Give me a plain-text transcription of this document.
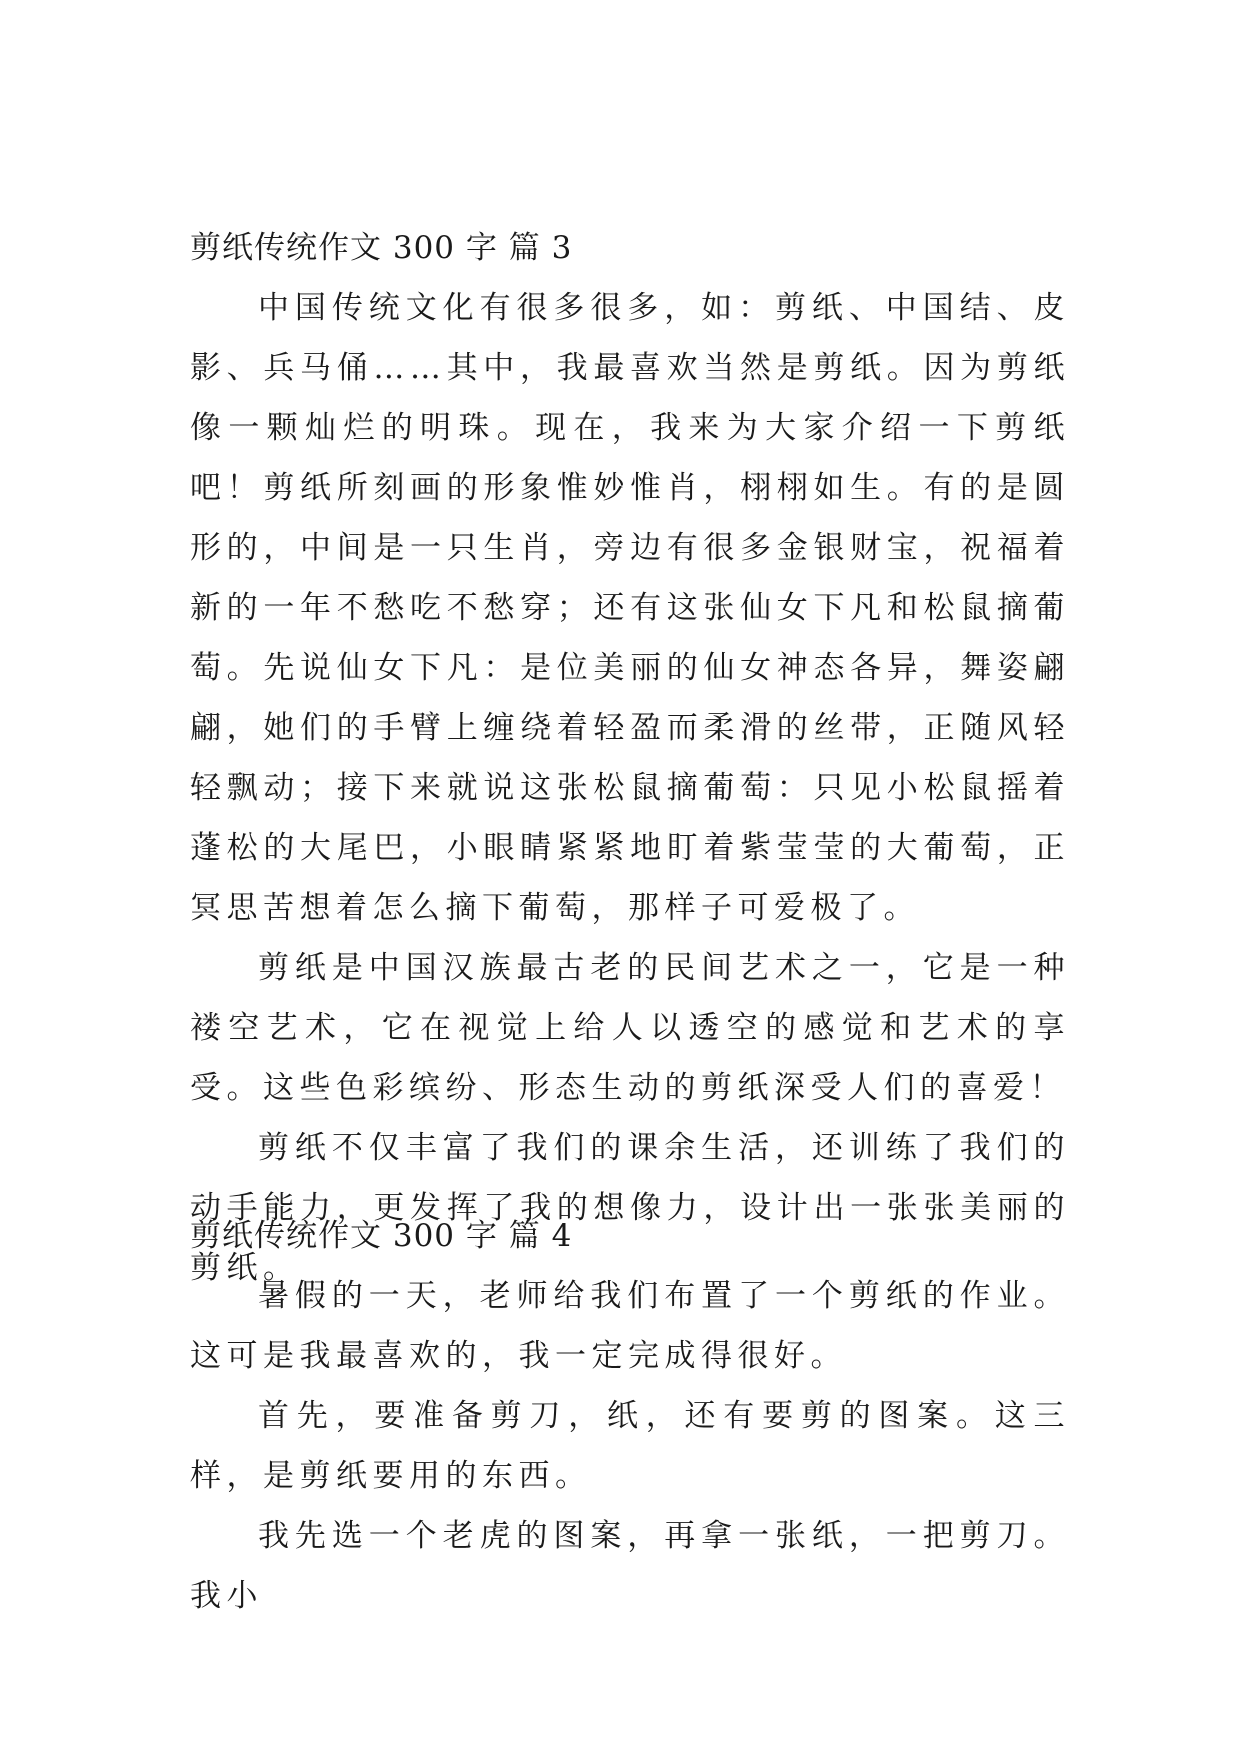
剪纸传统作文 300 字 篇 3

中国传统文化有很多很多，如：剪纸、中国结、皮影、兵马俑……其中，我最喜欢当然是剪纸。因为剪纸像一颗灿烂的明珠。现在，我来为大家介绍一下剪纸吧！剪纸所刻画的形象惟妙惟肖，栩栩如生。有的是圆形的，中间是一只生肖，旁边有很多金银财宝，祝福着新的一年不愁吃不愁穿；还有这张仙女下凡和松鼠摘葡萄。先说仙女下凡：是位美丽的仙女神态各异，舞姿翩翩，她们的手臂上缠绕着轻盈而柔滑的丝带，正随风轻轻飘动；接下来就说这张松鼠摘葡萄：只见小松鼠摇着蓬松的大尾巴，小眼睛紧紧地盯着紫莹莹的大葡萄，正冥思苦想着怎么摘下葡萄，那样子可爱极了。

剪纸是中国汉族最古老的民间艺术之一，它是一种褛空艺术，它在视觉上给人以透空的感觉和艺术的享受。这些色彩缤纷、形态生动的剪纸深受人们的喜爱！

剪纸不仅丰富了我们的课余生活，还训练了我们的动手能力，更发挥了我的想像力，设计出一张张美丽的剪纸。

剪纸传统作文 300 字 篇 4

暑假的一天，老师给我们布置了一个剪纸的作业。这可是我最喜欢的，我一定完成得很好。

首先，要准备剪刀，纸，还有要剪的图案。这三样，是剪纸要用的东西。

我先选一个老虎的图案，再拿一张纸，一把剪刀。我小
